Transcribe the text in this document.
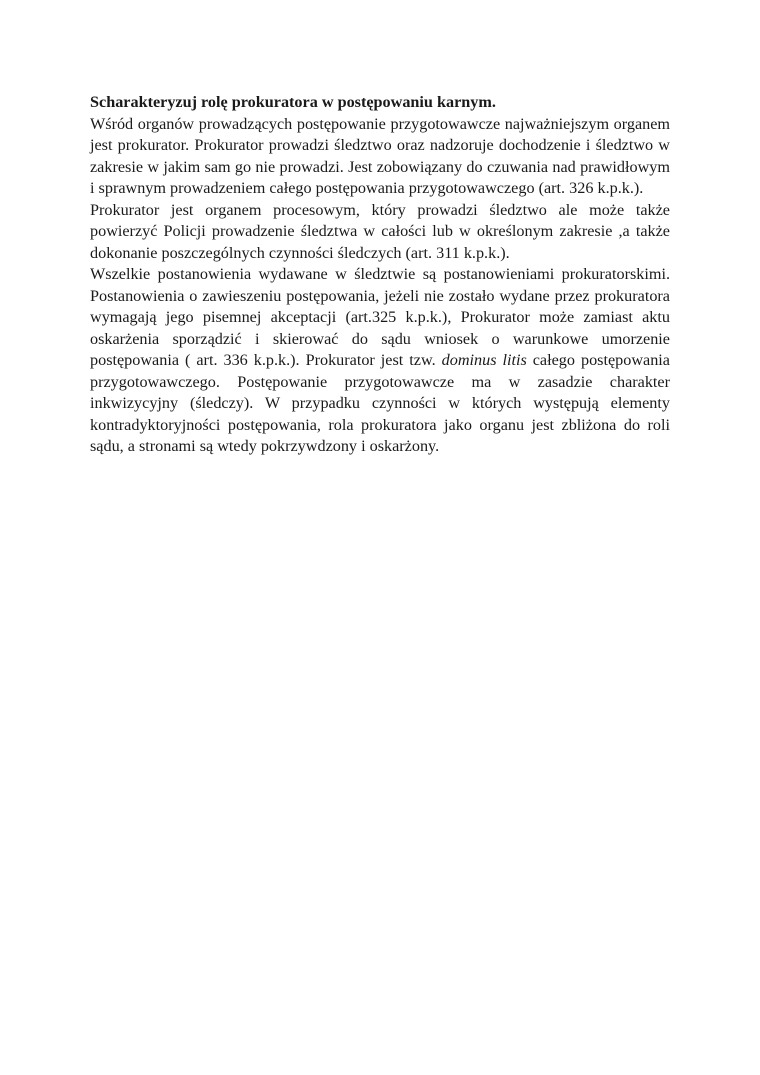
Scharakteryzuj rolę prokuratora w postępowaniu karnym.

Wśród organów prowadzących postępowanie przygotowawcze najważniejszym organem jest prokurator. Prokurator prowadzi śledztwo oraz nadzoruje dochodzenie i śledztwo w zakresie w jakim sam go nie prowadzi. Jest zobowiązany do czuwania nad prawidłowym i sprawnym prowadzeniem całego postępowania przygotowawczego (art. 326 k.p.k.).

Prokurator jest organem procesowym, który prowadzi śledztwo ale może także powierzyć Policji prowadzenie śledztwa w całości lub w określonym zakresie ,a także dokonanie poszczególnych czynności śledczych (art. 311 k.p.k.).

Wszelkie postanowienia wydawane w śledztwie są postanowieniami prokuratorskimi. Postanowienia o zawieszeniu postępowania, jeżeli nie zostało wydane przez prokuratora wymagają jego pisemnej akceptacji (art.325 k.p.k.), Prokurator może zamiast aktu oskarżenia sporządzić i skierować do sądu wniosek o warunkowe umorzenie postępowania ( art. 336 k.p.k.). Prokurator jest tzw. dominus litis całego postępowania przygotowawczego. Postępowanie przygotowawcze ma w zasadzie charakter inkwizycyjny (śledczy). W przypadku czynności w których występują elementy kontradyktoryjności postępowania, rola prokuratora jako organu jest zbliżona do roli sądu, a stronami są wtedy pokrzywdzony i oskarżony.
